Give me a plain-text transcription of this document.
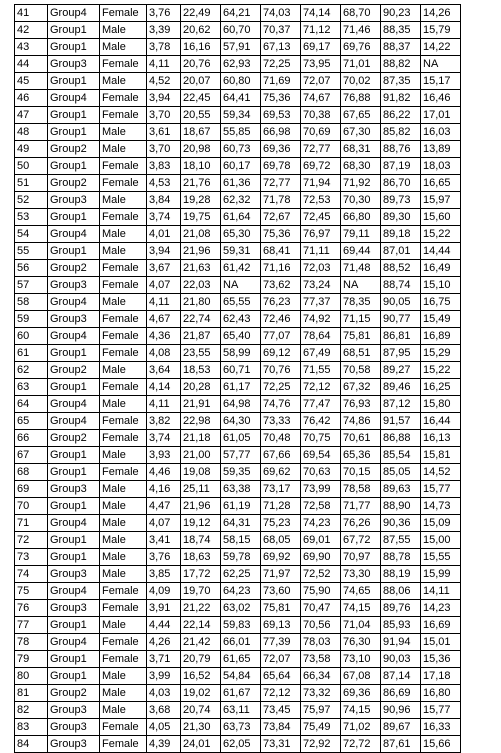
41	Group4	Female	3,76	22,49	64,21	74,03	74,14	68,70	90,23	14,26
42	Group1	Male	3,39	20,62	60,70	70,37	71,12	71,46	88,35	15,79
43	Group1	Male	3,78	16,16	57,91	67,13	69,17	69,76	88,37	14,22
44	Group3	Female	4,11	20,76	62,93	72,25	73,95	71,01	88,82	NA
45	Group1	Male	4,52	20,07	60,80	71,69	72,07	70,02	87,35	15,17
46	Group4	Female	3,94	22,45	64,41	75,36	74,67	76,88	91,82	16,46
47	Group1	Female	3,70	20,55	59,34	69,53	70,38	67,65	86,22	17,01
48	Group1	Male	3,61	18,67	55,85	66,98	70,69	67,30	85,82	16,03
49	Group2	Male	3,70	20,98	60,73	69,36	72,77	68,31	88,76	13,89
50	Group1	Female	3,83	18,10	60,17	69,78	69,72	68,30	87,19	18,03
51	Group2	Female	4,53	21,76	61,36	72,77	71,94	71,92	86,70	16,65
52	Group3	Male	3,84	19,28	62,32	71,78	72,53	70,30	89,73	15,97
53	Group1	Female	3,74	19,75	61,64	72,67	72,45	66,80	89,30	15,60
54	Group4	Male	4,01	21,08	65,30	75,36	76,97	79,11	89,18	15,22
55	Group1	Male	3,94	21,96	59,31	68,41	71,11	69,44	87,01	14,44
56	Group2	Female	3,67	21,63	61,42	71,16	72,03	71,48	88,52	16,49
57	Group3	Female	4,07	22,03	NA	73,62	73,24	NA	88,74	15,10
58	Group4	Male	4,11	21,80	65,55	76,23	77,37	78,35	90,05	16,75
59	Group3	Female	4,67	22,74	62,43	72,46	74,92	71,15	90,77	15,49
60	Group4	Female	4,36	21,87	65,40	77,07	78,64	75,81	86,81	16,89
61	Group1	Female	4,08	23,55	58,99	69,12	67,49	68,51	87,95	15,29
62	Group2	Male	3,64	18,53	60,71	70,76	71,55	70,58	89,27	15,22
63	Group1	Female	4,14	20,28	61,17	72,25	72,12	67,32	89,46	16,25
64	Group4	Male	4,11	21,91	64,98	74,76	77,47	76,93	87,12	15,80
65	Group4	Female	3,82	22,98	64,30	73,33	76,42	74,86	91,57	16,44
66	Group2	Female	3,74	21,18	61,05	70,48	70,75	70,61	86,88	16,13
67	Group1	Male	3,93	21,00	57,77	67,66	69,54	65,36	85,54	15,81
68	Group1	Female	4,46	19,08	59,35	69,62	70,63	70,15	85,05	14,52
69	Group3	Male	4,16	25,11	63,38	73,17	73,99	78,58	89,63	15,77
70	Group1	Male	4,47	21,96	61,19	71,28	72,58	71,77	88,90	14,73
71	Group4	Male	4,07	19,12	64,31	75,23	74,23	76,26	90,36	15,09
72	Group1	Male	3,41	18,74	58,15	68,05	69,01	67,72	87,55	15,00
73	Group1	Male	3,76	18,63	59,78	69,92	69,90	70,97	88,78	15,55
74	Group3	Male	3,85	17,72	62,25	71,97	72,52	73,30	88,19	15,99
75	Group4	Female	4,09	19,70	64,23	73,60	75,90	74,65	88,06	14,11
76	Group3	Female	3,91	21,22	63,02	75,81	70,47	74,15	89,76	14,23
77	Group1	Male	4,44	22,14	59,83	69,13	70,56	71,04	85,93	16,69
78	Group4	Female	4,26	21,42	66,01	77,39	78,03	76,30	91,94	15,01
79	Group1	Female	3,71	20,79	61,65	72,07	73,58	73,10	90,03	15,36
80	Group1	Male	3,99	16,52	54,84	65,64	66,34	67,08	87,14	17,18
81	Group2	Male	4,03	19,02	61,67	72,12	73,32	69,36	86,69	16,80
82	Group3	Male	3,68	20,74	63,11	73,45	75,97	74,15	90,96	15,77
83	Group3	Female	4,05	21,30	63,73	73,84	75,49	71,02	89,67	16,33
84	Group3	Female	4,39	24,01	62,05	73,31	72,92	72,72	87,61	15,66
